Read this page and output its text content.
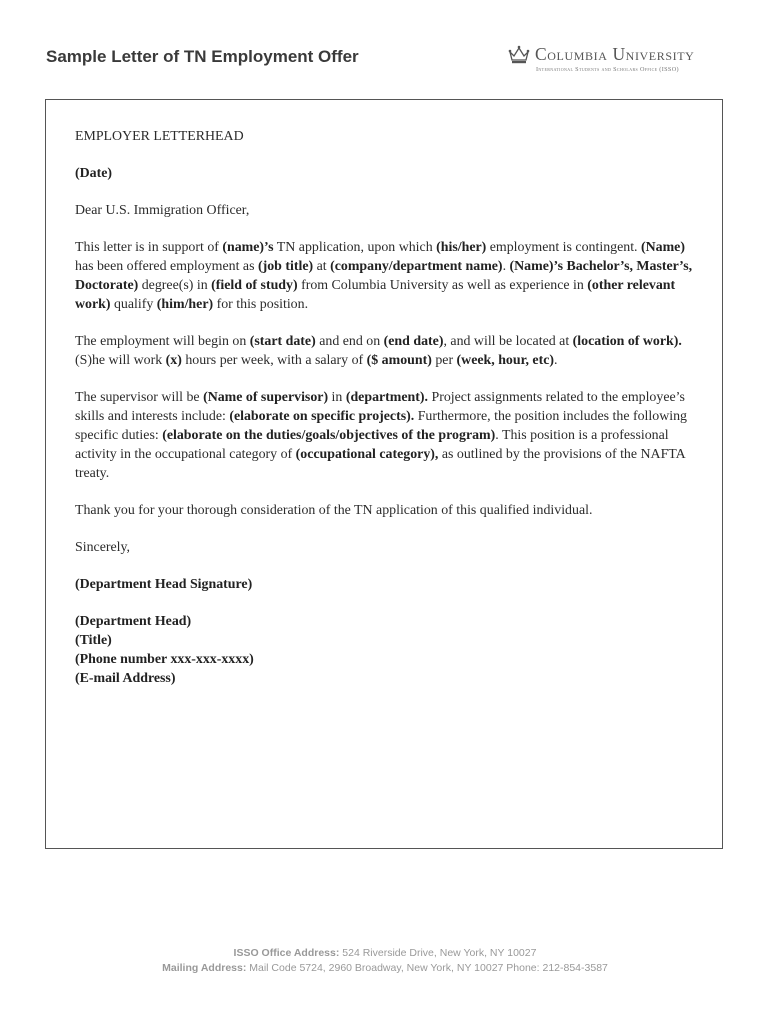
Sample Letter of TN Employment Offer	Columbia University
International Students and Scholars Office (ISSO)

EMPLOYER LETTERHEAD

(Date)

Dear U.S. Immigration Officer,

This letter is in support of (name)’s TN application, upon which (his/her) employment is contingent. (Name) has been offered employment as (job title) at (company/department name). (Name)’s Bachelor’s, Master’s, Doctorate) degree(s) in (field of study) from Columbia University as well as experience in (other relevant work) qualify (him/her) for this position.

The employment will begin on (start date) and end on (end date), and will be located at (location of work). (S)he will work (x) hours per week, with a salary of ($ amount) per (week, hour, etc).

The supervisor will be (Name of supervisor) in (department). Project assignments related to the employee’s skills and interests include: (elaborate on specific projects). Furthermore, the position includes the following specific duties: (elaborate on the duties/goals/objectives of the program). This position is a professional activity in the occupational category of (occupational category), as outlined by the provisions of the NAFTA treaty.

Thank you for your thorough consideration of the TN application of this qualified individual.

Sincerely,

(Department Head Signature)

(Department Head)

(Title)

(Phone number xxx-xxx-xxxx)

(E-mail Address)

ISSO Office Address: 524 Riverside Drive, New York, NY 10027
Mailing Address: Mail Code 5724, 2960 Broadway, New York, NY 10027 Phone: 212-854-3587
